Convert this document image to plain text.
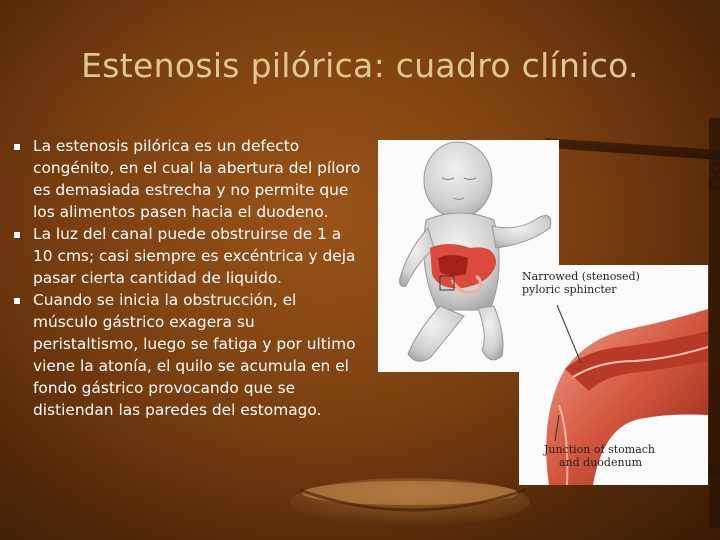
Estenosis pilórica: cuadro clínico.
La estenosis pilórica es un defecto congénito, en el cual la abertura del píloro es demasiada estrecha y no permite que los alimentos pasen hacia el duodeno.
La luz del canal puede obstruirse de 1 a 10 cms; casi siempre es excéntrica y deja pasar cierta cantidad de liquido.
Cuando se inicia la obstrucción, el músculo gástrico exagera su peristaltismo, luego se fatiga y por ultimo viene la atonía, el quilo se acumula en el fondo gástrico provocando que se distiendan las paredes del estomago.
Narrowed (stenosed)
pyloric sphincter
Junction of stomach
and duodenum
